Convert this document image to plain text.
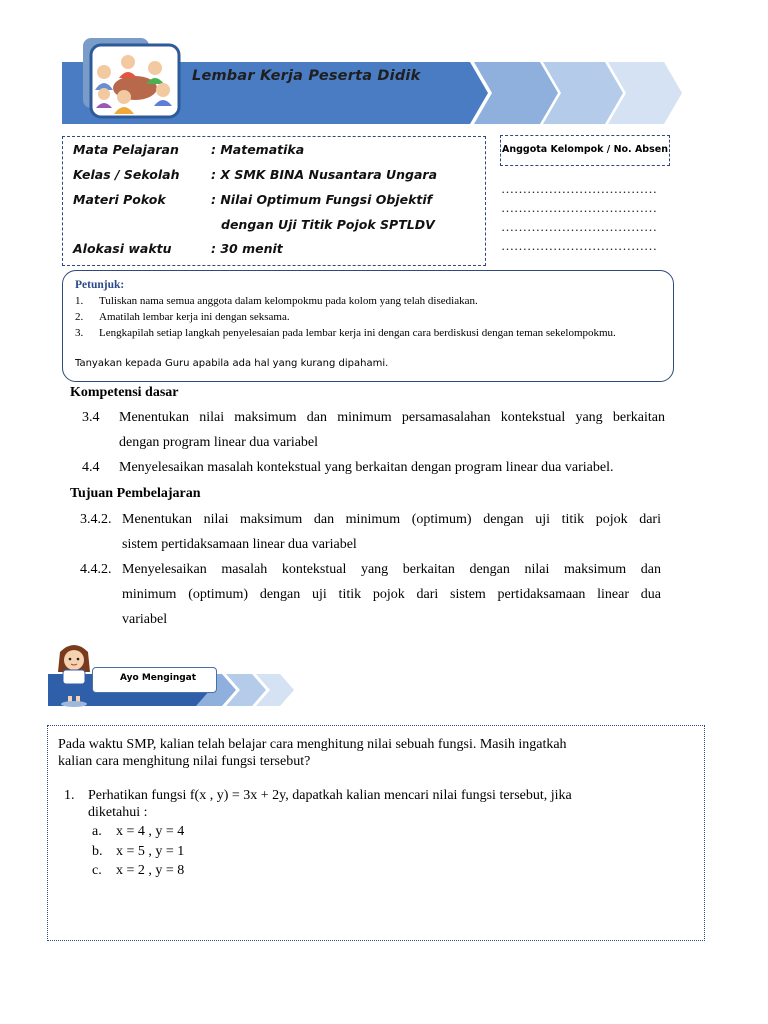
Lembar Kerja Peserta Didik
Mata Pelajaran	: Matematika
Kelas / Sekolah	: X SMK BINA Nusantara Ungara
Materi Pokok	: Nilai Optimum Fungsi Objektif
dengan Uji Titik Pojok SPTLDV
Alokasi waktu	: 30 menit
Anggota Kelompok / No. Absen
………………………………
………………………………
………………………………
………………………………
Petunjuk:
1. Tuliskan nama semua anggota dalam kelompokmu pada kolom yang telah disediakan.
2. Amatilah lembar kerja ini dengan seksama.
3. Lengkapilah setiap langkah penyelesaian pada lembar kerja ini dengan cara berdiskusi dengan teman sekelompokmu.
Tanyakan kepada Guru apabila ada hal yang kurang dipahami.
Kompetensi dasar
3.4 Menentukan nilai maksimum dan minimum persamasalahan kontekstual yang berkaitan
dengan program linear dua variabel
4.4 Menyelesaikan masalah kontekstual yang berkaitan dengan program linear dua variabel.
Tujuan Pembelajaran
3.4.2. Menentukan nilai maksimum dan minimum (optimum) dengan uji titik pojok dari
sistem pertidaksamaan linear dua variabel
4.4.2. Menyelesaikan masalah kontekstual yang berkaitan dengan nilai maksimum dan
minimum (optimum) dengan uji titik pojok dari sistem pertidaksamaan linear dua
variabel
Ayo Mengingat
Pada waktu SMP, kalian telah belajar cara menghitung nilai sebuah fungsi. Masih ingatkah
kalian cara menghitung nilai fungsi tersebut?
1. Perhatikan fungsi f(x , y) = 3x + 2y, dapatkah kalian mencari nilai fungsi tersebut, jika
diketahui :
a. x = 4 , y = 4
b. x = 5 , y = 1
c. x = 2 , y = 8
